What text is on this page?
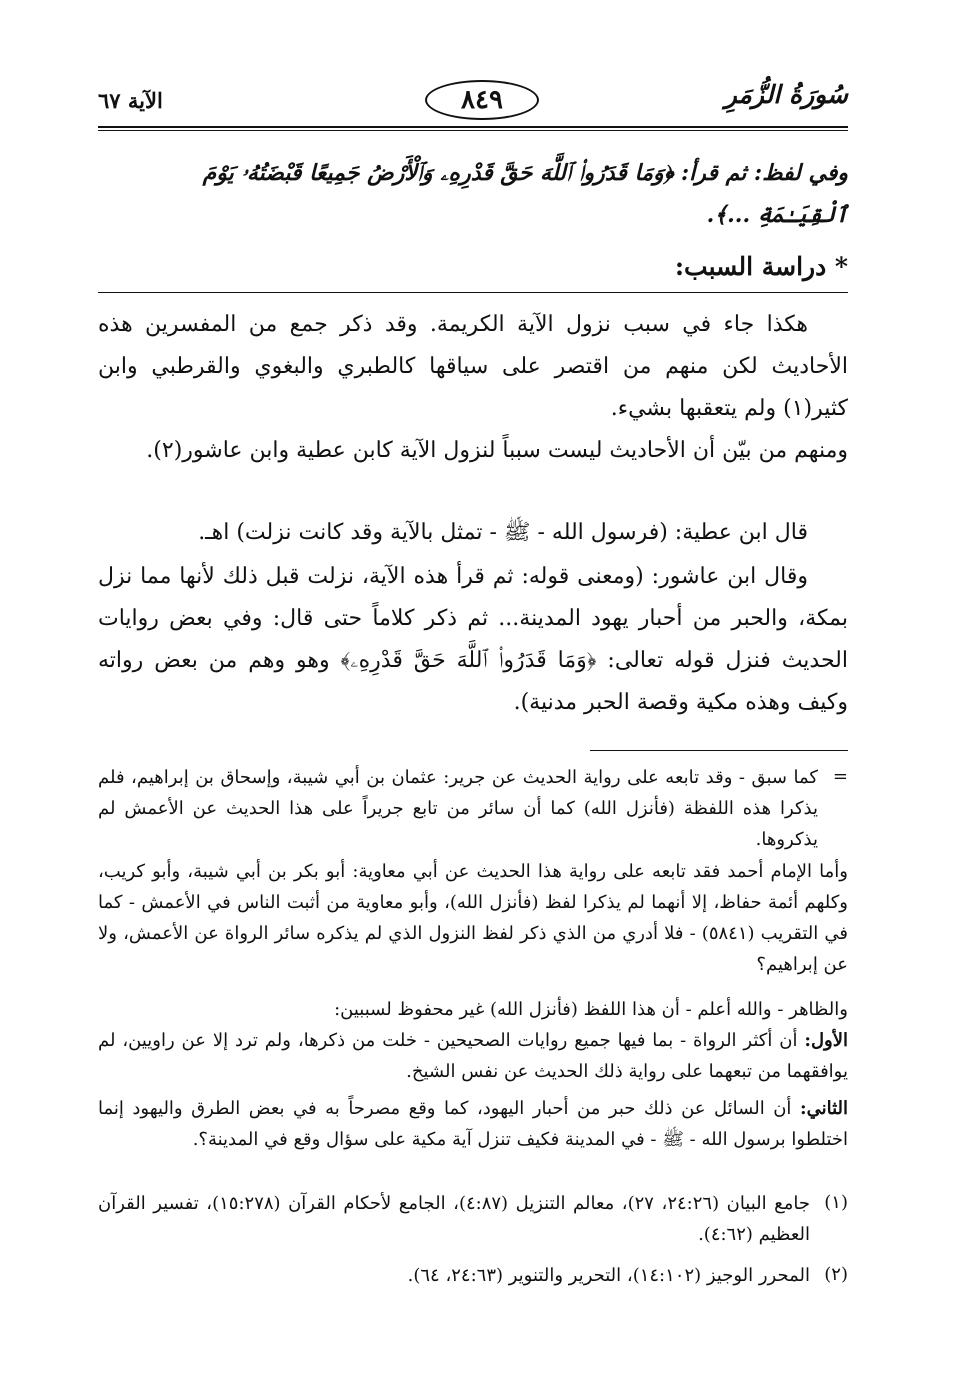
سُورَةُ الزُّمَرِ
٨٤٩
الآية ٦٧
وفي لفظ: ثم قرأ: ﴿وَمَا قَدَرُوا۟ ٱللَّهَ حَقَّ قَدْرِهِۦ وَٱلْأَرْضُ جَمِيعًا قَبْضَتُهُۥ يَوْمَ
ٱلْقِيَـٰمَةِ ...﴾.
* دراسة السبب:
هكذا جاء في سبب نزول الآية الكريمة. وقد ذكر جمع من المفسرين هذه الأحاديث لكن منهم من اقتصر على سياقها كالطبري والبغوي والقرطبي وابن كثير(١) ولم يتعقبها بشيء.
ومنهم من بيّن أن الأحاديث ليست سبباً لنزول الآية كابن عطية وابن عاشور(٢).
قال ابن عطية: (فرسول الله - ﷺ - تمثل بالآية وقد كانت نزلت) اهـ.
وقال ابن عاشور: (ومعنى قوله: ثم قرأ هذه الآية، نزلت قبل ذلك لأنها مما نزل بمكة، والحبر من أحبار يهود المدينة... ثم ذكر كلاماً حتى قال: وفي بعض روايات الحديث فنزل قوله تعالى: ﴿وَمَا قَدَرُوا۟ ٱللَّهَ حَقَّ قَدْرِهِۦ﴾ وهو وهم من بعض رواته وكيف وهذه مكية وقصة الحبر مدنية).
=
كما سبق - وقد تابعه على رواية الحديث عن جرير: عثمان بن أبي شيبة، وإسحاق بن إبراهيم، فلم يذكرا هذه اللفظة (فأنزل الله) كما أن سائر من تابع جريراً على هذا الحديث عن الأعمش لم يذكروها.
وأما الإمام أحمد فقد تابعه على رواية هذا الحديث عن أبي معاوية: أبو بكر بن أبي شيبة، وأبو كريب، وكلهم أئمة حفاظ، إلا أنهما لم يذكرا لفظ (فأنزل الله)، وأبو معاوية من أثبت الناس في الأعمش - كما في التقريب (٥٨٤١) - فلا أدري من الذي ذكر لفظ النزول الذي لم يذكره سائر الرواة عن الأعمش، ولا عن إبراهيم؟
والظاهر - والله أعلم - أن هذا اللفظ (فأنزل الله) غير محفوظ لسببين:
الأول: أن أكثر الرواة - بما فيها جميع روايات الصحيحين - خلت من ذكرها، ولم ترد إلا عن راويين، لم يوافقهما من تبعهما على رواية ذلك الحديث عن نفس الشيخ.
الثاني: أن السائل عن ذلك حبر من أحبار اليهود، كما وقع مصرحاً به في بعض الطرق واليهود إنما اختلطوا برسول الله - ﷺ - في المدينة فكيف تنزل آية مكية على سؤال وقع في المدينة؟.
(١)
جامع البيان (٢٤:٢٦، ٢٧)، معالم التنزيل (٤:٨٧)، الجامع لأحكام القرآن (١٥:٢٧٨)، تفسير القرآن العظيم (٤:٦٢).
(٢)
المحرر الوجيز (١٤:١٠٢)، التحرير والتنوير (٢٤:٦٣، ٦٤).
